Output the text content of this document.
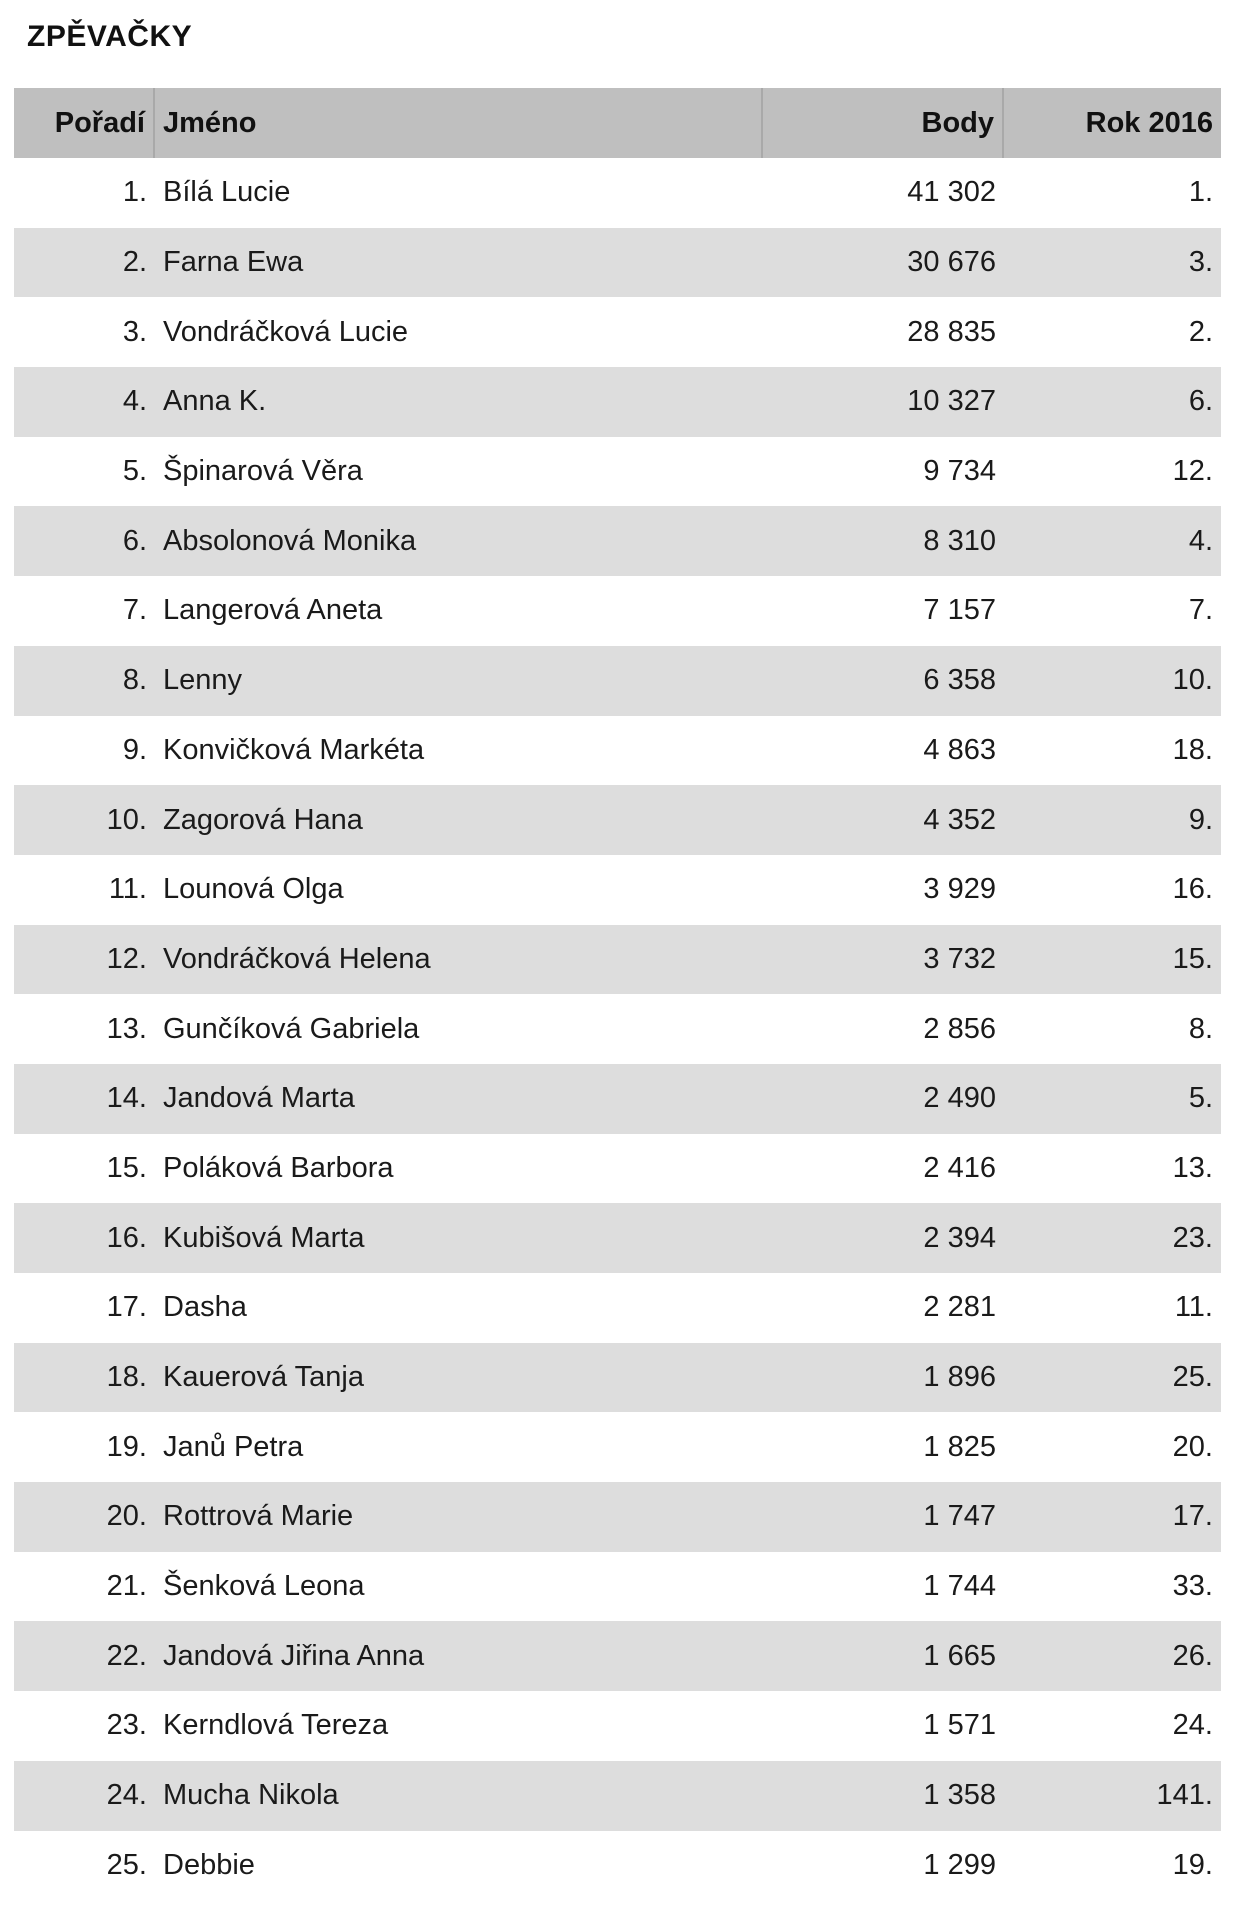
ZPĚVAČKY
Pořadí	Jméno	Body	Rok 2016
1.	Bílá Lucie	41 302	1.
2.	Farna Ewa	30 676	3.
3.	Vondráčková Lucie	28 835	2.
4.	Anna K.	10 327	6.
5.	Špinarová Věra	9 734	12.
6.	Absolonová Monika	8 310	4.
7.	Langerová Aneta	7 157	7.
8.	Lenny	6 358	10.
9.	Konvičková Markéta	4 863	18.
10.	Zagorová Hana	4 352	9.
11.	Lounová Olga	3 929	16.
12.	Vondráčková Helena	3 732	15.
13.	Gunčíková Gabriela	2 856	8.
14.	Jandová Marta	2 490	5.
15.	Poláková Barbora	2 416	13.
16.	Kubišová Marta	2 394	23.
17.	Dasha	2 281	11.
18.	Kauerová Tanja	1 896	25.
19.	Janů Petra	1 825	20.
20.	Rottrová Marie	1 747	17.
21.	Šenková Leona	1 744	33.
22.	Jandová Jiřina Anna	1 665	26.
23.	Kerndlová Tereza	1 571	24.
24.	Mucha Nikola	1 358	141.
25.	Debbie	1 299	19.
